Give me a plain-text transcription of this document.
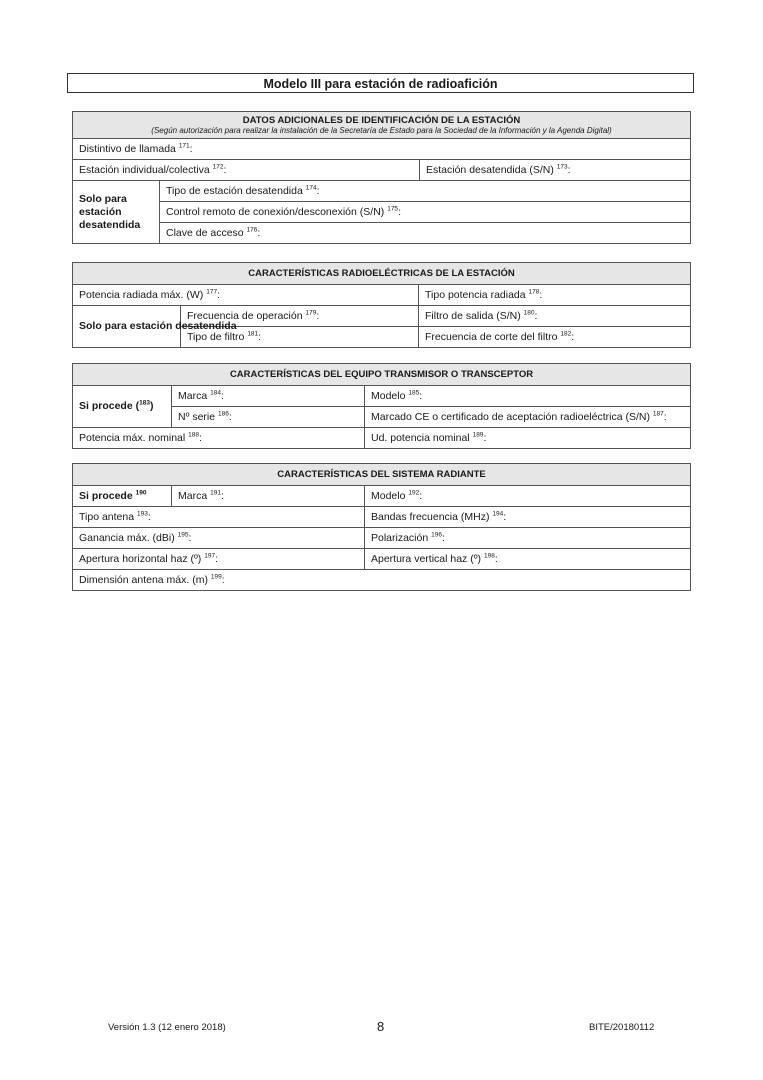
Modelo III para estación de radioafición
DATOS ADICIONALES DE IDENTIFICACIÓN DE LA ESTACIÓN
(Según autorización para realizar la instalación de la Secretaría de Estado para la Sociedad de la Información y la Agenda Digital)		

Distintivo de llamada $^{171}$:		
Estación individual/colectiva $^{172}$:		Estación desatendida (S/N) $^{173}$:
Solo para estación desatendida	Tipo de estación desatendida $^{174}$:	
	Control remoto de conexión/desconexión (S/N) $^{175}$:	
	Clave de acceso $^{176}$:	
CARACTERÍSTICAS RADIOELÉCTRICAS DE LA ESTACIÓN		
Potencia radiada máx. (W) $^{177}$:		Tipo potencia radiada $^{178}$:
Solo para estación desatendida	Frecuencia de operación $^{179}$:	Filtro de salida (S/N) $^{180}$:
	Tipo de filtro $^{181}$:	Frecuencia de corte del filtro $^{182}$:
CARACTERÍSTICAS DEL EQUIPO TRANSMISOR O TRANSCEPTOR		
Si procede ($^{183}$)	Marca $^{184}$:	Modelo $^{185}$:
	Nº serie $^{186}$:	Marcado CE o certificado de aceptación radioeléctrica (S/N) $^{187}$:
Potencia máx. nominal $^{188}$:		Ud. potencia nominal $^{189}$:
CARACTERÍSTICAS DEL SISTEMA RADIANTE		
Si procede $^{190}$	Marca $^{191}$:	Modelo $^{192}$:
Tipo antena $^{193}$:		Bandas frecuencia (MHz) $^{194}$:
Ganancia máx. (dBi) $^{195}$:		Polarización $^{196}$:
Apertura horizontal haz (º) $^{197}$:		Apertura vertical haz (º) $^{198}$:
Dimensión antena máx. (m) $^{199}$:		
Versión 1.3 (12 enero 2018)	8	BITE/20180112
